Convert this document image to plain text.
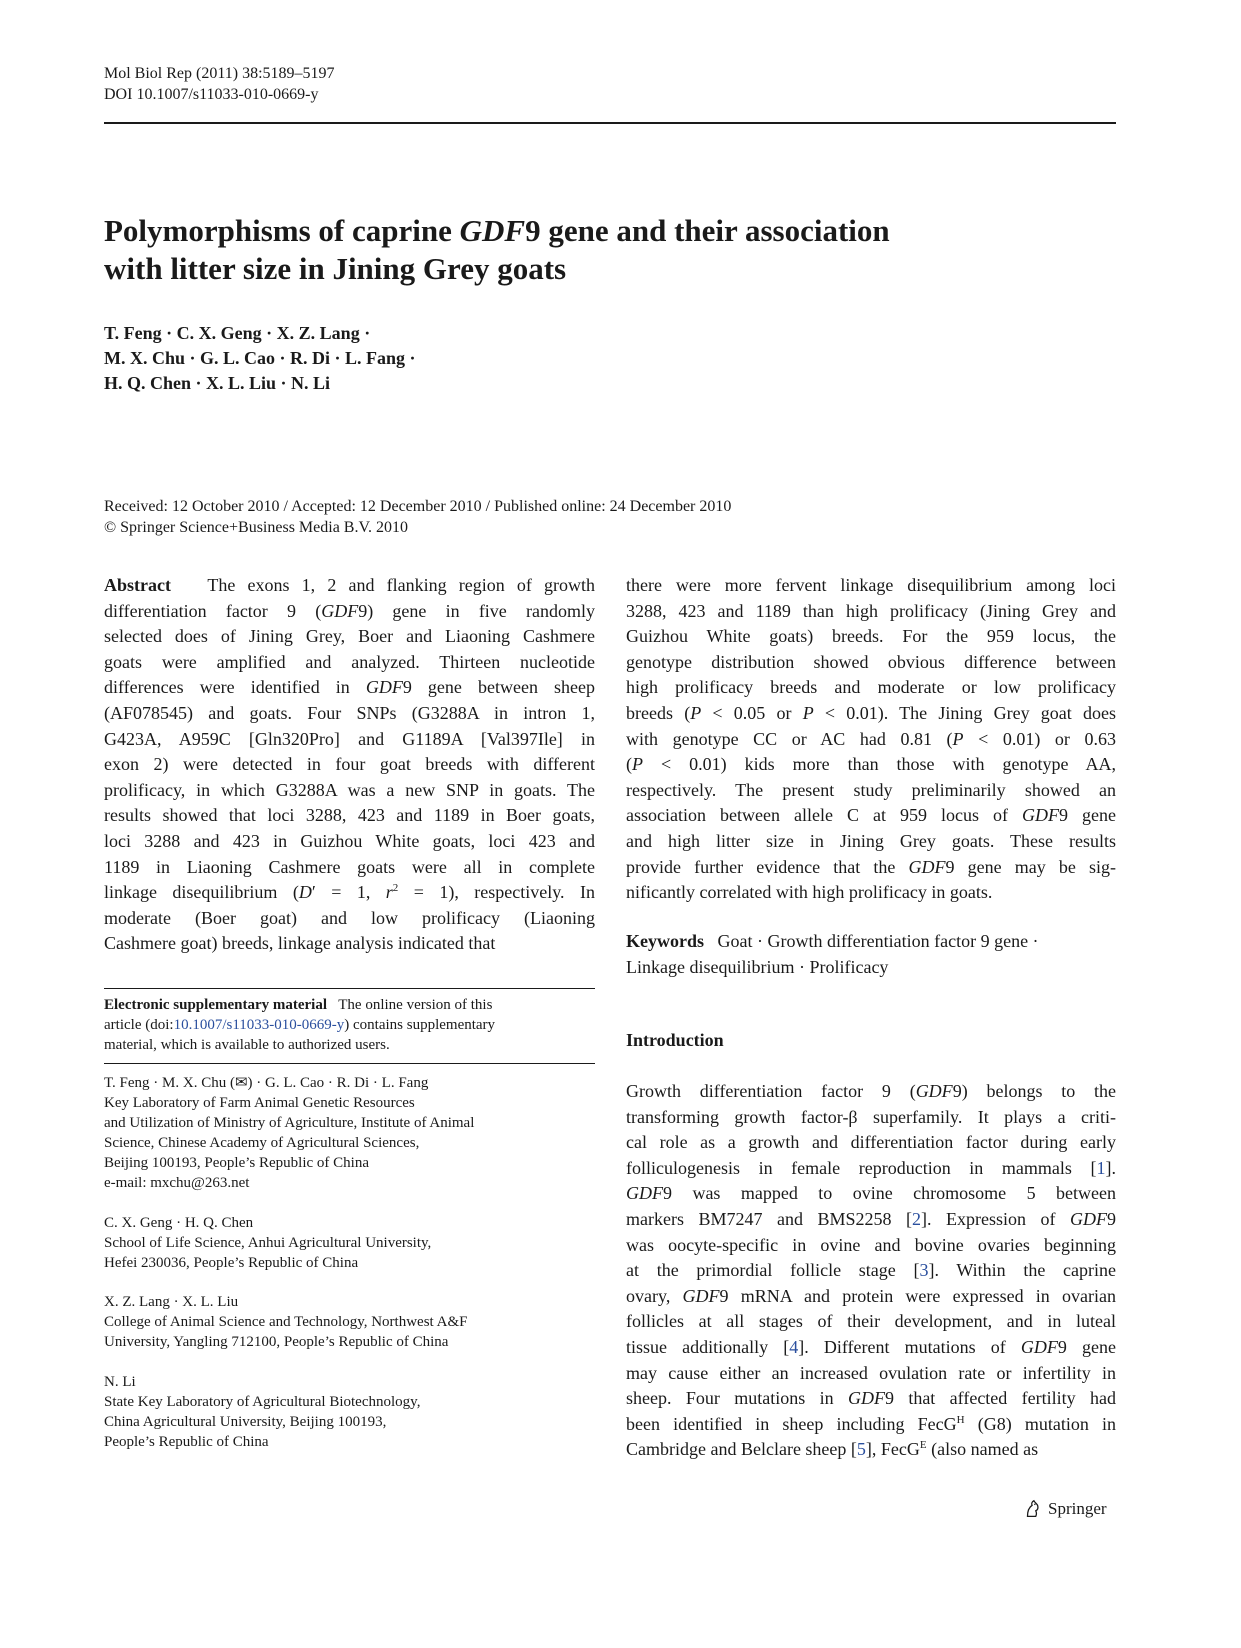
Mol Biol Rep (2011) 38:5189–5197
DOI 10.1007/s11033-010-0669-y
Polymorphisms of caprine GDF9 gene and their association
with litter size in Jining Grey goats
T. Feng · C. X. Geng · X. Z. Lang ·
M. X. Chu · G. L. Cao · R. Di · L. Fang ·
H. Q. Chen · X. L. Liu · N. Li
Received: 12 October 2010 / Accepted: 12 December 2010 / Published online: 24 December 2010
© Springer Science+Business Media B.V. 2010
Abstract   The exons 1, 2 and flanking region of growth
differentiation factor 9 (GDF9) gene in five randomly
selected does of Jining Grey, Boer and Liaoning Cashmere
goats were amplified and analyzed. Thirteen nucleotide
differences were identified in GDF9 gene between sheep
(AF078545) and goats. Four SNPs (G3288A in intron 1,
G423A, A959C [Gln320Pro] and G1189A [Val397Ile] in
exon 2) were detected in four goat breeds with different
prolificacy, in which G3288A was a new SNP in goats. The
results showed that loci 3288, 423 and 1189 in Boer goats,
loci 3288 and 423 in Guizhou White goats, loci 423 and
1189 in Liaoning Cashmere goats were all in complete
linkage disequilibrium (D′ = 1, $r^2 = 1$), respectively. In
moderate (Boer goat) and low prolificacy (Liaoning
Cashmere goat) breeds, linkage analysis indicated that
there were more fervent linkage disequilibrium among loci
3288, 423 and 1189 than high prolificacy (Jining Grey and
Guizhou White goats) breeds. For the 959 locus, the
genotype distribution showed obvious difference between
high prolificacy breeds and moderate or low prolificacy
breeds (P < 0.05 or P < 0.01). The Jining Grey goat does
with genotype CC or AC had 0.81 (P < 0.01) or 0.63
(P < 0.01) kids more than those with genotype AA,
respectively. The present study preliminarily showed an
association between allele C at 959 locus of GDF9 gene
and high litter size in Jining Grey goats. These results
provide further evidence that the GDF9 gene may be sig-
nificantly correlated with high prolificacy in goats.
Keywords Goat · Growth differentiation factor 9 gene ·
Linkage disequilibrium · Prolificacy

Electronic supplementary material The online version of this

article (doi:10.1007/s11033-010-0669-y) contains supplementary

material, which is available to authorized users.

T. Feng · M. X. Chu (✉) · G. L. Cao · R. Di · L. Fang

Key Laboratory of Farm Animal Genetic Resources

and Utilization of Ministry of Agriculture, Institute of Animal

Science, Chinese Academy of Agricultural Sciences,

Beijing 100193, People’s Republic of China

e-mail: mxchu@263.net

C. X. Geng · H. Q. Chen

School of Life Science, Anhui Agricultural University,

Hefei 230036, People’s Republic of China

X. Z. Lang · X. L. Liu

College of Animal Science and Technology, Northwest A&F

University, Yangling 712100, People’s Republic of China

N. Li

State Key Laboratory of Agricultural Biotechnology,

China Agricultural University, Beijing 100193,

People’s Republic of China

Introduction
Growth differentiation factor 9 (GDF9) belongs to the
transforming growth factor-β superfamily. It plays a criti-
cal role as a growth and differentiation factor during early
folliculogenesis in female reproduction in mammals [1].
GDF9 was mapped to ovine chromosome 5 between
markers BM7247 and BMS2258 [2]. Expression of GDF9
was oocyte-specific in ovine and bovine ovaries beginning
at the primordial follicle stage [3]. Within the caprine
ovary, GDF9 mRNA and protein were expressed in ovarian
follicles at all stages of their development, and in luteal
tissue additionally [4]. Different mutations of GDF9 gene
may cause either an increased ovulation rate or infertility in
sheep. Four mutations in GDF9 that affected fertility had
been identified in sheep including FecG$^H$ (G8) mutation in
Cambridge and Belclare sheep [5], FecG$^E$ (also named as
Springer
